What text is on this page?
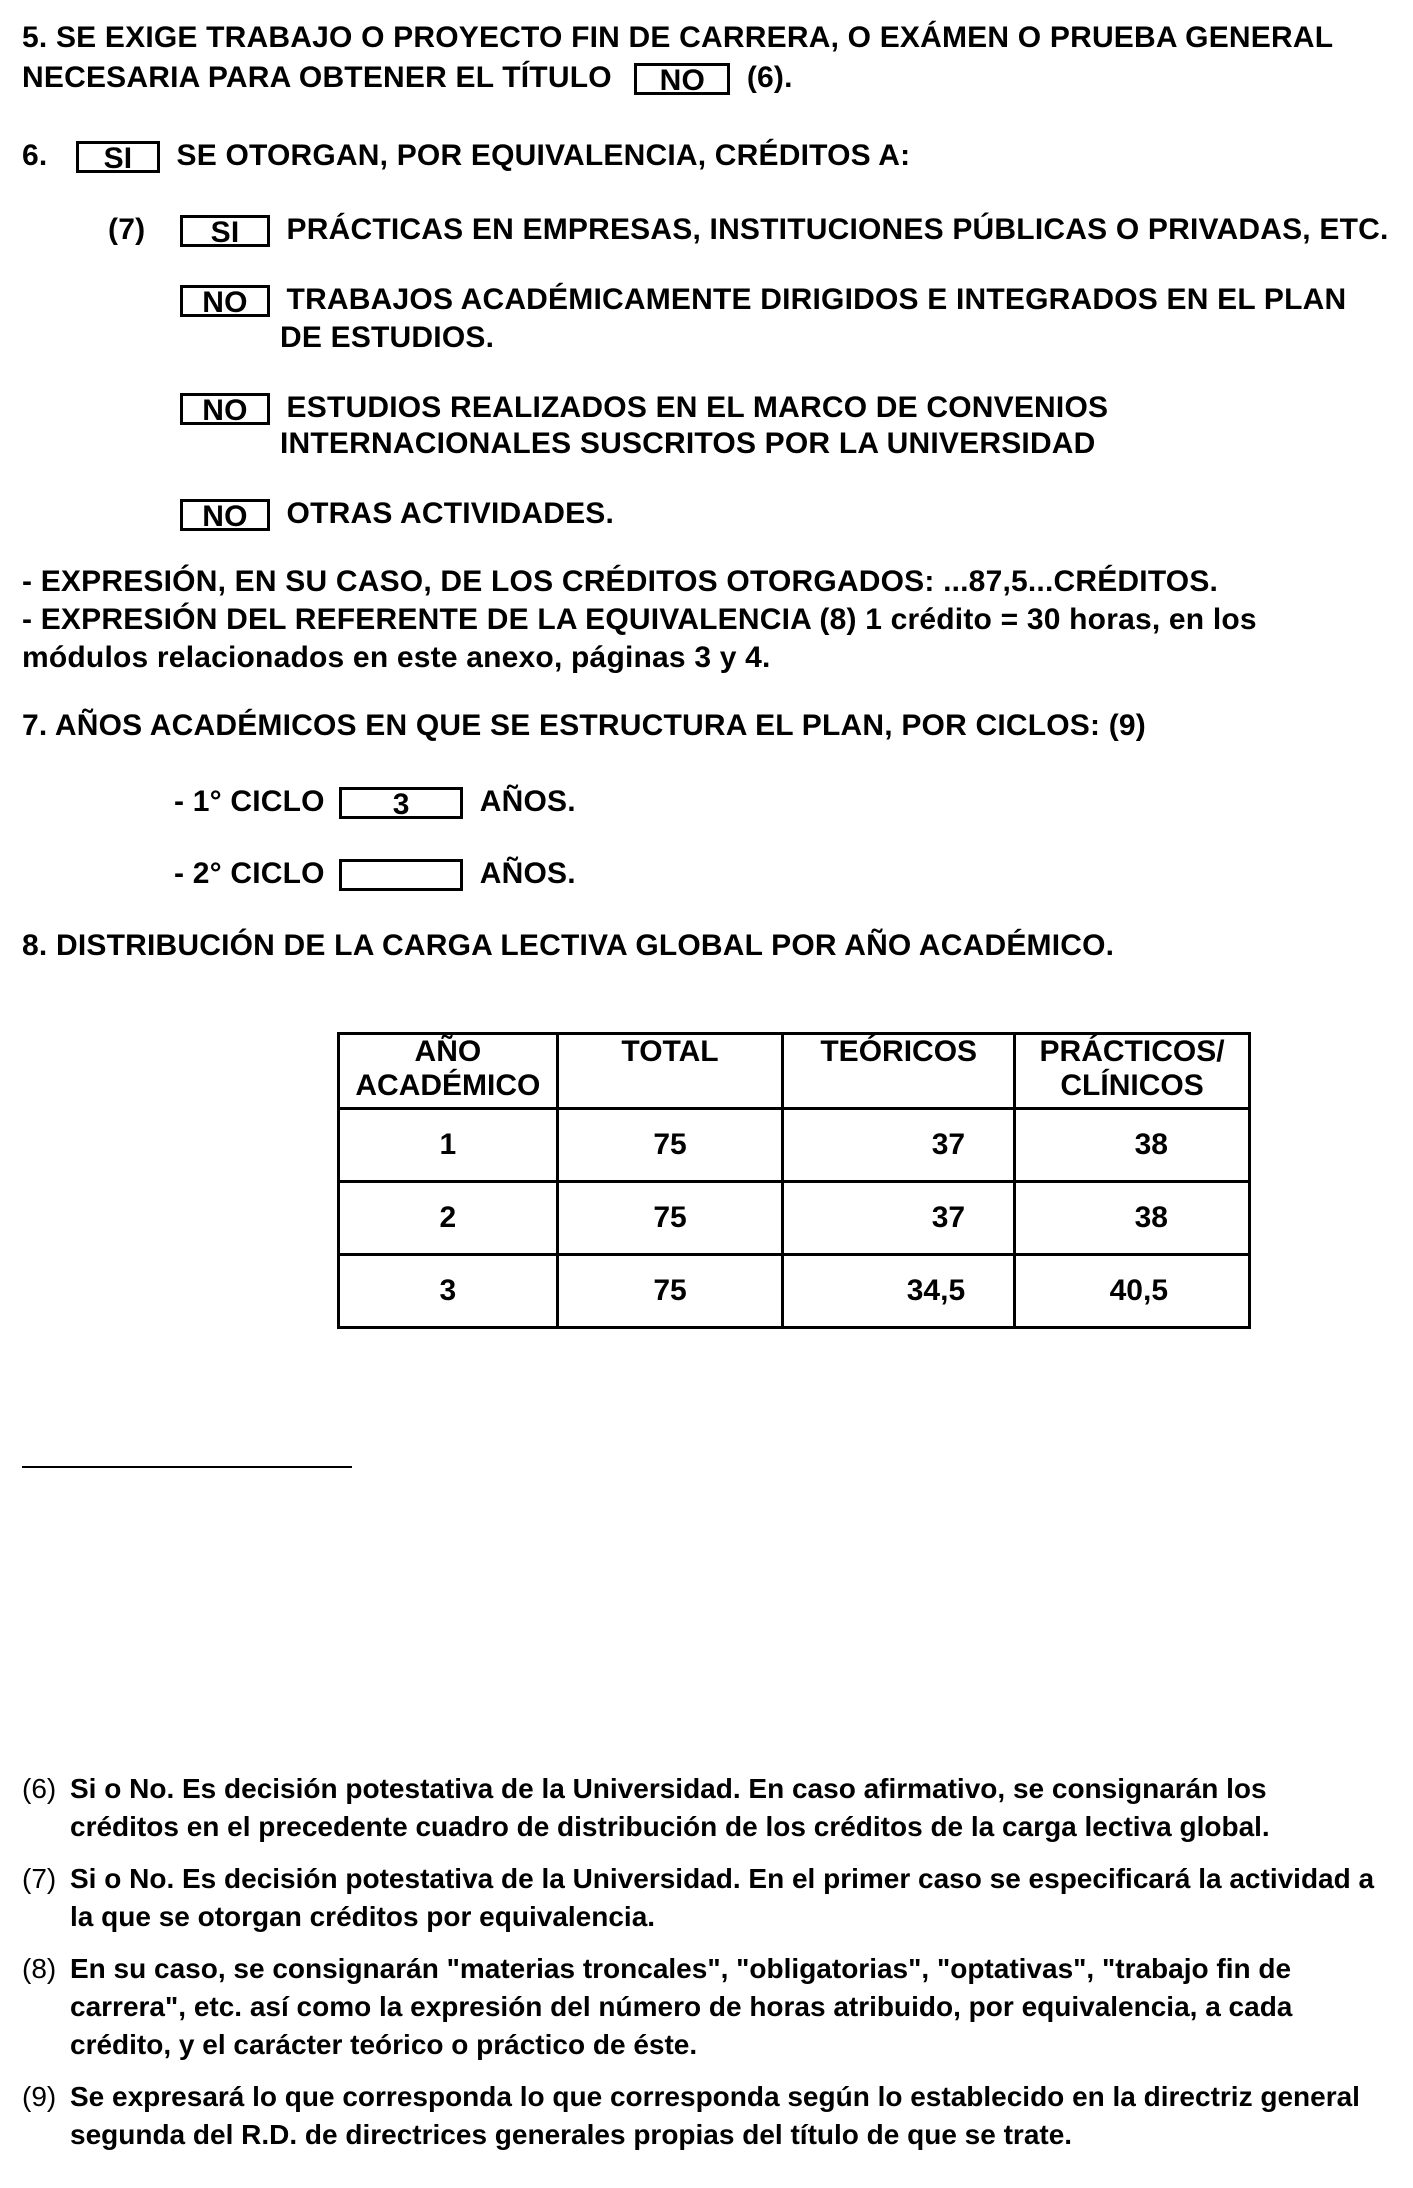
5. SE EXIGE TRABAJO O PROYECTO FIN DE CARRERA, O EXÁMEN O PRUEBA GENERAL
NECESARIA PARA OBTENER EL TÍTULO NO (6).
6. SI SE OTORGAN, POR EQUIVALENCIA, CRÉDITOS A:
(7)	SI PRÁCTICAS EN EMPRESAS, INSTITUCIONES PÚBLICAS O PRIVADAS, ETC.
NO TRABAJOS ACADÉMICAMENTE DIRIGIDOS E INTEGRADOS EN EL PLAN
DE ESTUDIOS.
NO ESTUDIOS REALIZADOS EN EL MARCO DE CONVENIOS
INTERNACIONALES SUSCRITOS POR LA UNIVERSIDAD
NO OTRAS ACTIVIDADES.
- EXPRESIÓN, EN SU CASO, DE LOS CRÉDITOS OTORGADOS: ...87,5...CRÉDITOS.
- EXPRESIÓN DEL REFERENTE DE LA EQUIVALENCIA (8) 1 crédito = 30 horas, en los
módulos relacionados en este anexo, páginas 3 y 4.
7. AÑOS ACADÉMICOS EN QUE SE ESTRUCTURA EL PLAN, POR CICLOS: (9)
- 1° CICLO 3 AÑOS.
- 2° CICLO	AÑOS.
8. DISTRIBUCIÓN DE LA CARGA LECTIVA GLOBAL POR AÑO ACADÉMICO.
AÑO
ACADÉMICO	TOTAL	TEÓRICOS	PRÁCTICOS/
CLÍNICOS
1	75	37	38
2	75	37	38
3	75	34,5	40,5
(6) Si o No. Es decisión potestativa de la Universidad. En caso afirmativo, se consignarán los créditos en el precedente cuadro de distribución de los créditos de la carga lectiva global.
(7) Si o No. Es decisión potestativa de la Universidad. En el primer caso se especificará la actividad a la que se otorgan créditos por equivalencia.
(8) En su caso, se consignarán "materias troncales", "obligatorias", "optativas", "trabajo fin de carrera", etc. así como la expresión del número de horas atribuido, por equivalencia, a cada crédito, y el carácter teórico o práctico de éste.
(9) Se expresará lo que corresponda lo que corresponda según lo establecido en la directriz general segunda del R.D. de directrices generales propias del título de que se trate.
